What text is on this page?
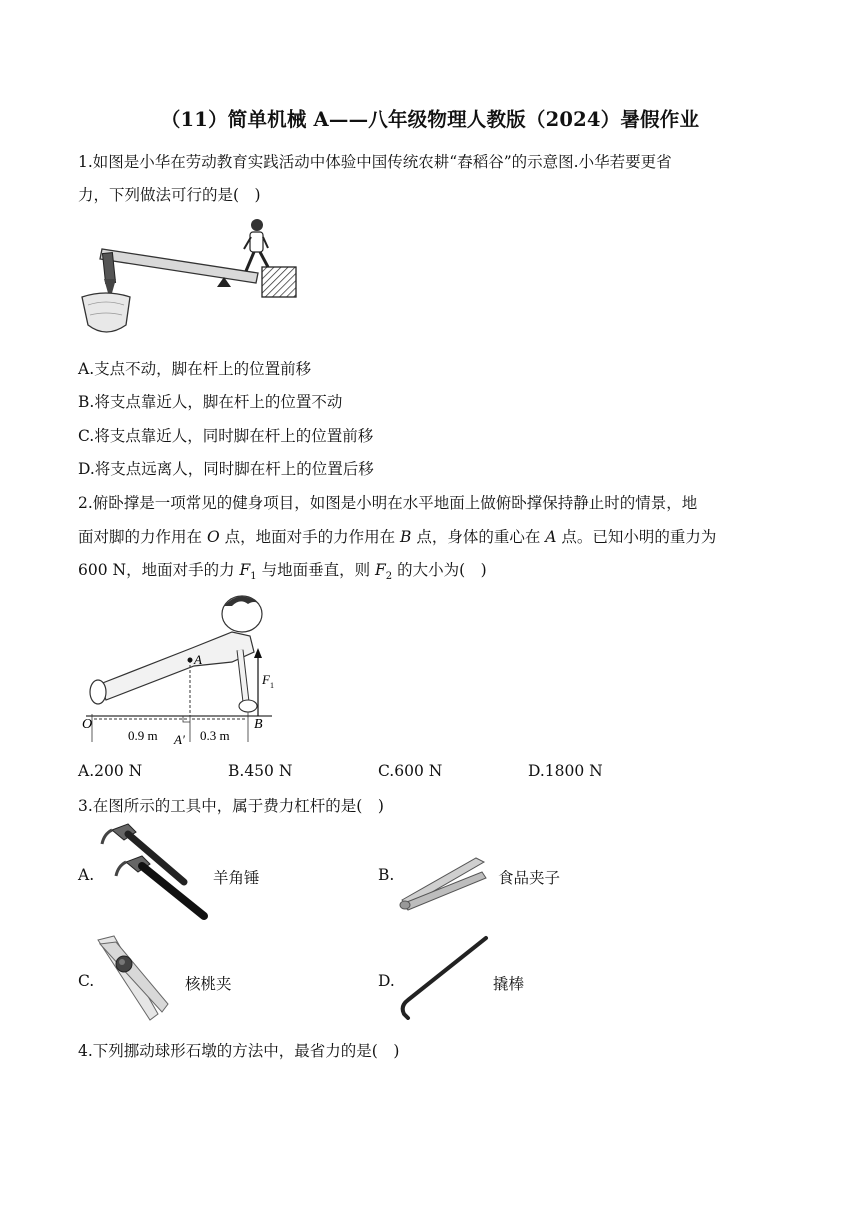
（11）简单机械 A——八年级物理人教版（2024）暑假作业
1.如图是小华在劳动教育实践活动中体验中国传统农耕“舂稻谷”的示意图.小华若要更省
力，下列做法可行的是(　)
A.支点不动，脚在杆上的位置前移
B.将支点靠近人，脚在杆上的位置不动
C.将支点靠近人，同时脚在杆上的位置前移
D.将支点远离人，同时脚在杆上的位置后移
2.俯卧撑是一项常见的健身项目，如图是小明在水平地面上做俯卧撑保持静止时的情景，地
面对脚的力作用在 O 点，地面对手的力作用在 B 点，身体的重心在 A 点。已知小明的重力为
600 N，地面对手的力 $F_1$ 与地面垂直，则 $F_2$ 的大小为(　)
A
F 1
O	B
0.9 m A′ 0.3 m
A.200 N	B.450 N	C.600 N	D.1800 N
3.在图所示的工具中，属于费力杠杆的是(　)
A.	羊角锤	B.	食品夹子
C.	核桃夹	D.	撬棒
4.下列挪动球形石墩的方法中，最省力的是(　)
